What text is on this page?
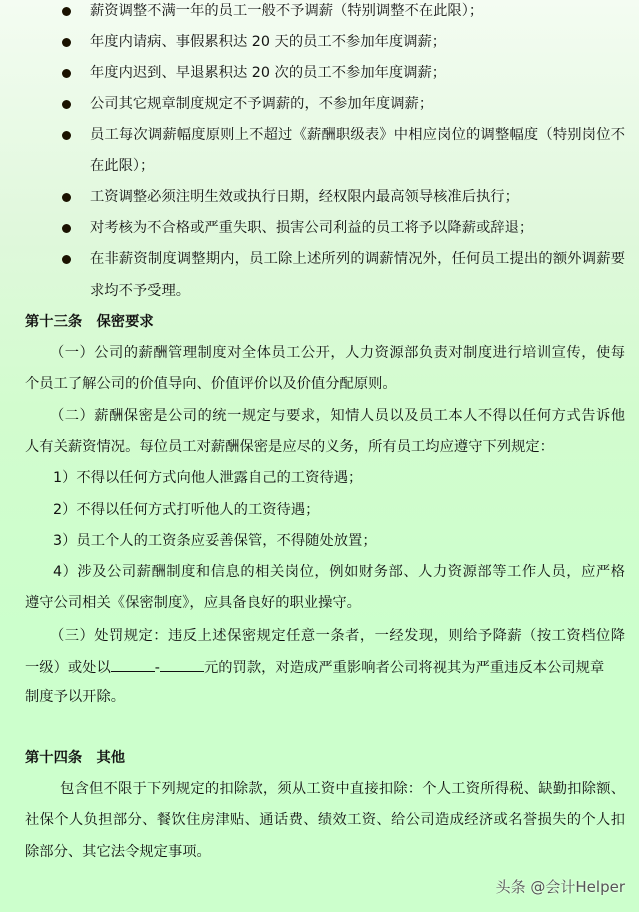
薪资调整不满一年的员工一般不予调薪（特别调整不在此限）；
年度内请病、事假累积达 20 天的员工不参加年度调薪；
年度内迟到、早退累积达 20 次的员工不参加年度调薪；
公司其它规章制度规定不予调薪的，不参加年度调薪；
员工每次调薪幅度原则上不超过《薪酬职级表》中相应岗位的调整幅度（特别岗位不
在此限）；
工资调整必须注明生效或执行日期，经权限内最高领导核准后执行；
对考核为不合格或严重失职、损害公司利益的员工将予以降薪或辞退；
在非薪资制度调整期内，员工除上述所列的调薪情况外，任何员工提出的额外调薪要
求均不予受理。
第十三条　保密要求
（一）公司的薪酬管理制度对全体员工公开，人力资源部负责对制度进行培训宣传，使每
个员工了解公司的价值导向、价值评价以及价值分配原则。
（二）薪酬保密是公司的统一规定与要求，知情人员以及员工本人不得以任何方式告诉他
人有关薪资情况。每位员工对薪酬保密是应尽的义务，所有员工均应遵守下列规定：
1）不得以任何方式向他人泄露自己的工资待遇；
2）不得以任何方式打听他人的工资待遇；
3）员工个人的工资条应妥善保管，不得随处放置；
4）涉及公司薪酬制度和信息的相关岗位，例如财务部、人力资源部等工作人员，应严格
遵守公司相关《保密制度》，应具备良好的职业操守。
（三）处罚规定：违反上述保密规定任意一条者，一经发现，则给予降薪（按工资档位降
一级）或处以	-	元的罚款，对造成严重影响者公司将视其为严重违反本公司规章
制度予以开除。
第十四条　其他
包含但不限于下列规定的扣除款，须从工资中直接扣除：个人工资所得税、缺勤扣除额、
社保个人负担部分、餐饮住房津贴、通话费、绩效工资、给公司造成经济或名誉损失的个人扣
除部分、其它法令规定事项。
头条 @会计Helper
